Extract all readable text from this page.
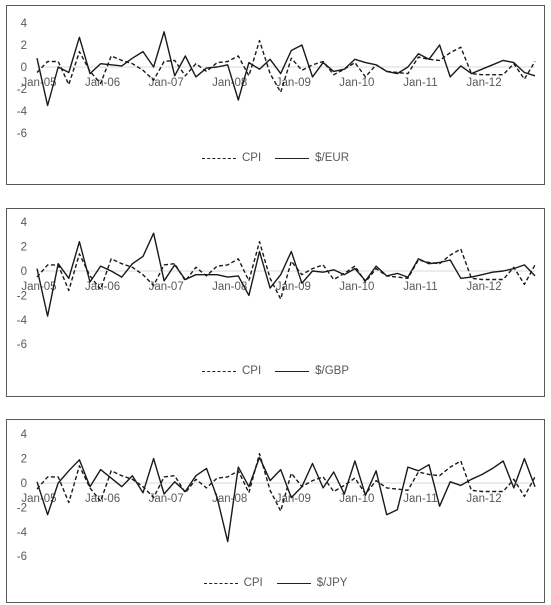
-6
-4
-2
0
2
4
Jan-05 Jan-06 Jan-07 Jan-08 Jan-09 Jan-10	Jan-11	Jan-12
CPI	$/EUR
-6
-4
-2
0
2
4
Jan-05 Jan-06 Jan-07 Jan-08 Jan-09 Jan-10	Jan-11	Jan-12
CPI	$/GBP
-6
-4
-2
0
2
4
Jan-05 Jan-06 Jan-07 Jan-08 Jan-09 Jan-10	Jan-11	Jan-12
CPI	$/JPY
